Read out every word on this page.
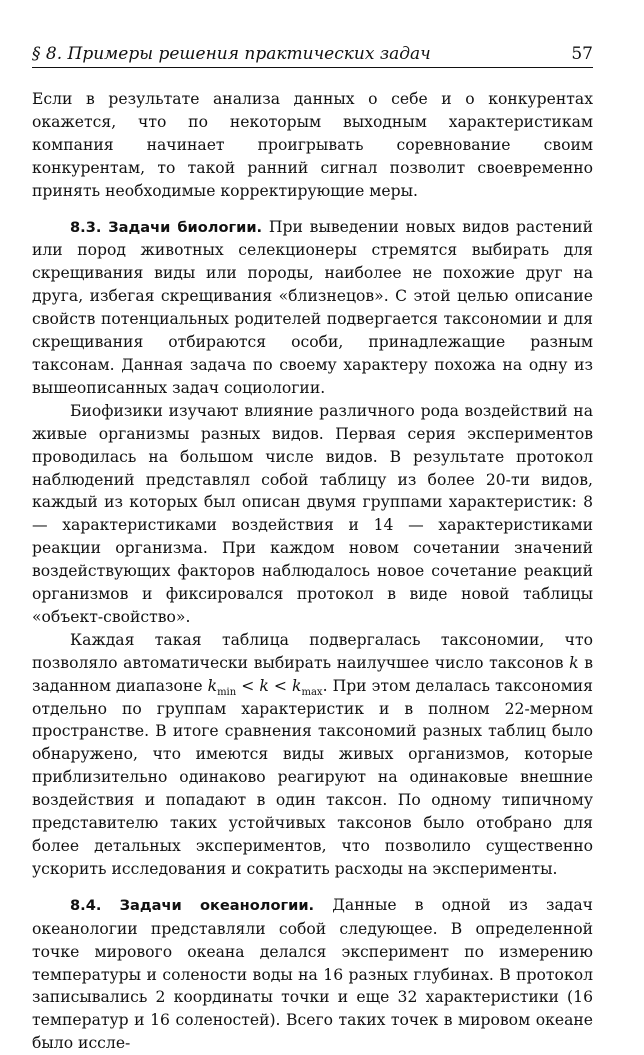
§ 8. Примеры решения практических задач	57

Если в результате анализа данных о себе и о конкурентах окажется, что по некоторым выходным характеристикам компания начинает проигрывать соревнование своим конкурентам, то такой ранний сигнал позволит своевременно принять необходимые корректирующие меры.

8.3. Задачи биологии. При выведении новых видов растений или пород животных селекционеры стремятся выбирать для скрещивания виды или породы, наиболее не похожие друг на друга, избегая скрещивания «близнецов». С этой целью описание свойств потенциальных родителей подвергается таксономии и для скрещивания отбираются особи, принадлежащие разным таксонам. Данная задача по своему характеру похожа на одну из вышеописанных задач социологии.

Биофизики изучают влияние различного рода воздействий на живые организмы разных видов. Первая серия экспериментов проводилась на большом числе видов. В результате протокол наблюдений представлял собой таблицу из более 20-ти видов, каждый из которых был описан двумя группами характеристик: 8 — характеристиками воздействия и 14 — характеристиками реакции организма. При каждом новом сочетании значений воздействующих факторов наблюдалось новое сочетание реакций организмов и фиксировался протокол в виде новой таблицы «объект-свойство».

Каждая такая таблица подвергалась таксономии, что позволяло автоматически выбирать наилучшее число таксонов k в заданном диапазоне $k_{min} < k < k_{max}$. При этом делалась таксономия отдельно по группам характеристик и в полном 22-мерном пространстве. В итоге сравнения таксономий разных таблиц было обнаружено, что имеются виды живых организмов, которые приблизительно одинаково реагируют на одинаковые внешние воздействия и попадают в один таксон. По одному типичному представителю таких устойчивых таксонов было отобрано для более детальных экспериментов, что позволило существенно ускорить исследования и сократить расходы на эксперименты.

8.4. Задачи океанологии. Данные в одной из задач океанологии представляли собой следующее. В определенной точке мирового океана делался эксперимент по измерению температуры и солености воды на 16 разных глубинах. В протокол записывались 2 координаты точки и еще 32 характеристики (16 температур и 16 соленостей). Всего таких точек в мировом океане было иссле-
